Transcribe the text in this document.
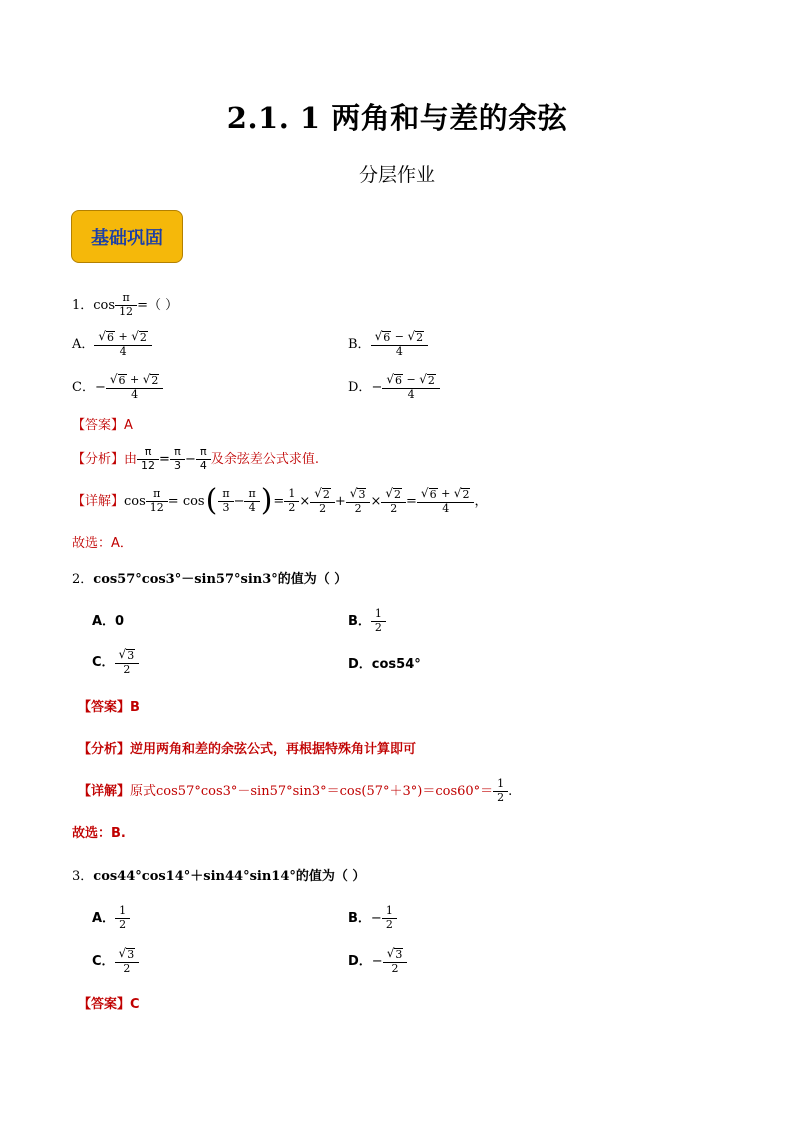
2.1. 1 两角和与差的余弦
分层作业
基础巩固
1． $\cos \frac{\pi}{12}$ = （ ）
A． $\frac{√ 6 + √ 2}{4}$	B． $\frac{√ 6 - √ 2}{4}$
C． − $\frac{√ 6 + √ 2}{4}$	D． − $\frac{√ 6 - √ 2}{4}$
【答案】 A
【分析】 由 $\frac{\pi}{12} = \frac{\pi}{3} - \frac{\pi}{4}$ 及余弦差公式求值.
【详解】 $\cos \frac{\pi}{12} = \cos$ ( $\frac{\pi}{3} - \frac{\pi}{4}$ ) = $\frac{1}{2} \times \frac{√ 2}{2} + \frac{√ 3}{2} \times \frac{√ 2}{2} = \frac{√ 6 + √ 2}{4}$ ，
故选： A．
2． cos57°cos3°－sin57°sin3°的值为（ ）
A．0	B． $\frac{1}{2}$
C． $\frac{√ 3}{2}$	D．cos54°
【答案】B
【分析】逆用两角和差的余弦公式，再根据特殊角计算即可
【详解】 原式$\cos 57^\circ\cos 3^\circ-\sin 57^\circ\sin 3^\circ=\cos(57^\circ+3^\circ)=\cos 60^\circ= \frac{1}{2}$ .
故选：B.
3． cos44°cos14°＋sin44°sin14°的值为（ ）
A． $\frac{1}{2}$	B． − $\frac{1}{2}$
C． $\frac{√ 3}{2}$	D． − $\frac{√ 3}{2}$
【答案】C
